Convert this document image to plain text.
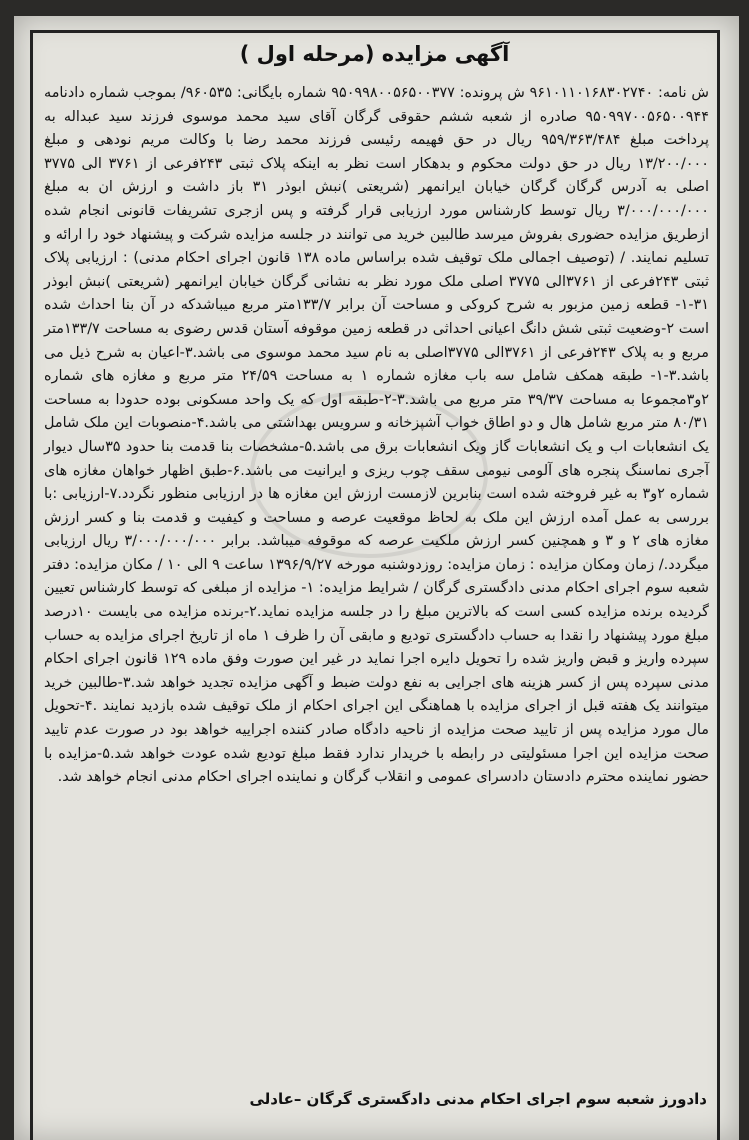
آگهی مزایده (مرحله اول )
ش نامه: ۹۶۱۰۱۱۰۱۶۸۳۰۲۷۴۰ ش پرونده: ۹۵۰۹۹۸۰۰۵۶۵۰۰۳۷۷ شماره بایگانی: ۹۶۰۵۳۵/ بموجب شماره دادنامه ۹۵۰۹۹۷۰۰۵۶۵۰۰۹۴۴ صادره از شعبه ششم حقوقی گرگان آقای سید محمد موسوی فرزند سید عبداله به پرداخت مبلغ ۹۵۹/۳۶۳/۴۸۴ ریال در حق فهیمه رئیسی فرزند محمد رضا با وکالت مریم نودهی و مبلغ ۱۳/۲۰۰/۰۰۰ ریال در حق دولت محکوم و بدهکار است نظر به اینکه پلاک ثبتی ۲۴۳فرعی از ۳۷۶۱ الی ۳۷۷۵ اصلی به آدرس گرگان گرگان خیابان ایرانمهر (شریعتی )نبش ابوذر ۳۱ باز داشت و ارزش ان به مبلغ ۳/۰۰۰/۰۰۰/۰۰۰ ریال توسط کارشناس مورد ارزیابی قرار گرفته و پس ازجری تشریفات قانونی انجام شده ازطریق مزایده حضوری بفروش میرسد طالبین خرید می توانند در جلسه مزایده شرکت و پیشنهاد خود را ارائه و تسلیم نمایند. / (توصیف اجمالی ملک توقیف شده براساس ماده ۱۳۸ قانون اجرای احکام مدنی) : ارزیابی پلاک ثبتی ۲۴۳فرعی از ۳۷۶۱الی ۳۷۷۵ اصلی ملک مورد نظر به نشانی گرگان خیابان ایرانمهر (شریعتی )نبش ابوذر ۳۱-۱- قطعه زمین مزبور به شرح کروکی و مساحت آن برابر ۱۳۳/۷متر مربع میباشدکه در آن بنا احداث شده است ۲-وضعیت ثبتی شش دانگ اعیانی احداثی در قطعه زمین موقوفه آستان قدس رضوی به مساحت ۱۳۳/۷متر مربع و به پلاک ۲۴۳فرعی از ۳۷۶۱الی ۳۷۷۵اصلی به نام سید محمد موسوی می باشد.۳-اعیان به شرح ذیل می باشد.۳-۱- طبقه همکف شامل سه باب مغازه شماره ۱ به مساحت ۲۴/۵۹ متر مربع و مغازه های شماره ۲و۳مجموعا به مساحت ۳۹/۳۷ متر مربع می باشد.۳-۲-طبقه اول که یک واحد مسکونی بوده حدودا به مساحت ۸۰/۳۱ متر مربع شامل هال و دو اطاق خواب آشپزخانه و سرویس بهداشتی می باشد.۴-منصوبات این ملک شامل یک انشعابات اب و یک انشعابات گاز ویک انشعابات برق می باشد.۵-مشخصات بنا قدمت بنا حدود ۳۵سال دیوار آجری نماسنگ پنجره های آلومی نیومی سقف چوب ریزی و ایرانیت می باشد.۶-طبق اظهار خواهان مغازه های شماره ۲و۳ به غیر فروخته شده است بنابرین لازمست ارزش این مغازه ها در ارزیابی منظور نگردد.۷-ارزیابی :با بررسی به عمل آمده ارزش این ملک به لحاظ موقعیت عرصه و مساحت و کیفیت و قدمت بنا و کسر ارزش مغازه های ۲ و ۳ و همچنین کسر ارزش ملکیت عرصه که موقوفه میباشد. برابر ۳/۰۰۰/۰۰۰/۰۰۰ ریال ارزیابی میگردد./ زمان ومکان مزایده : زمان مزایده: روزدوشنبه مورخه ۱۳۹۶/۹/۲۷ ساعت ۹ الی ۱۰ / مکان مزایده: دفتر شعبه سوم اجرای احکام مدنی دادگستری گرگان / شرایط مزایده: ۱- مزایده از مبلغی که توسط کارشناس تعیین گردیده برنده مزایده کسی است که بالاترین مبلغ را در جلسه مزایده نماید.۲-برنده مزایده می بایست ۱۰درصد مبلغ مورد پیشنهاد را نقدا به حساب دادگستری تودیع و مابقی آن را ظرف ۱ ماه از تاریخ اجرای مزایده به حساب سپرده واریز و قبض واریز شده را تحویل دایره اجرا نماید در غیر این صورت وفق ماده ۱۲۹ قانون اجرای احکام مدنی سپرده پس از کسر هزینه های اجرایی به نفع دولت ضبط و آگهی مزایده تجدید خواهد شد.۳-طالبین خرید میتوانند یک هفته قبل از اجرای مزایده با هماهنگی این اجرای احکام از ملک توقیف شده بازدید نمایند .۴-تحویل مال مورد مزایده پس از تایید صحت مزایده از ناحیه دادگاه صادر کننده اجراییه خواهد بود در صورت عدم تایید صحت مزایده این اجرا مسئولیتی در رابطه با خریدار ندارد فقط مبلغ تودیع شده عودت خواهد شد.۵-مزایده با حضور نماینده محترم دادستان دادسرای عمومی و انقلاب گرگان و نماینده اجرای احکام مدنی انجام خواهد شد.
دادورز شعبه سوم اجرای احکام مدنی دادگستری گرگان –عادلی
